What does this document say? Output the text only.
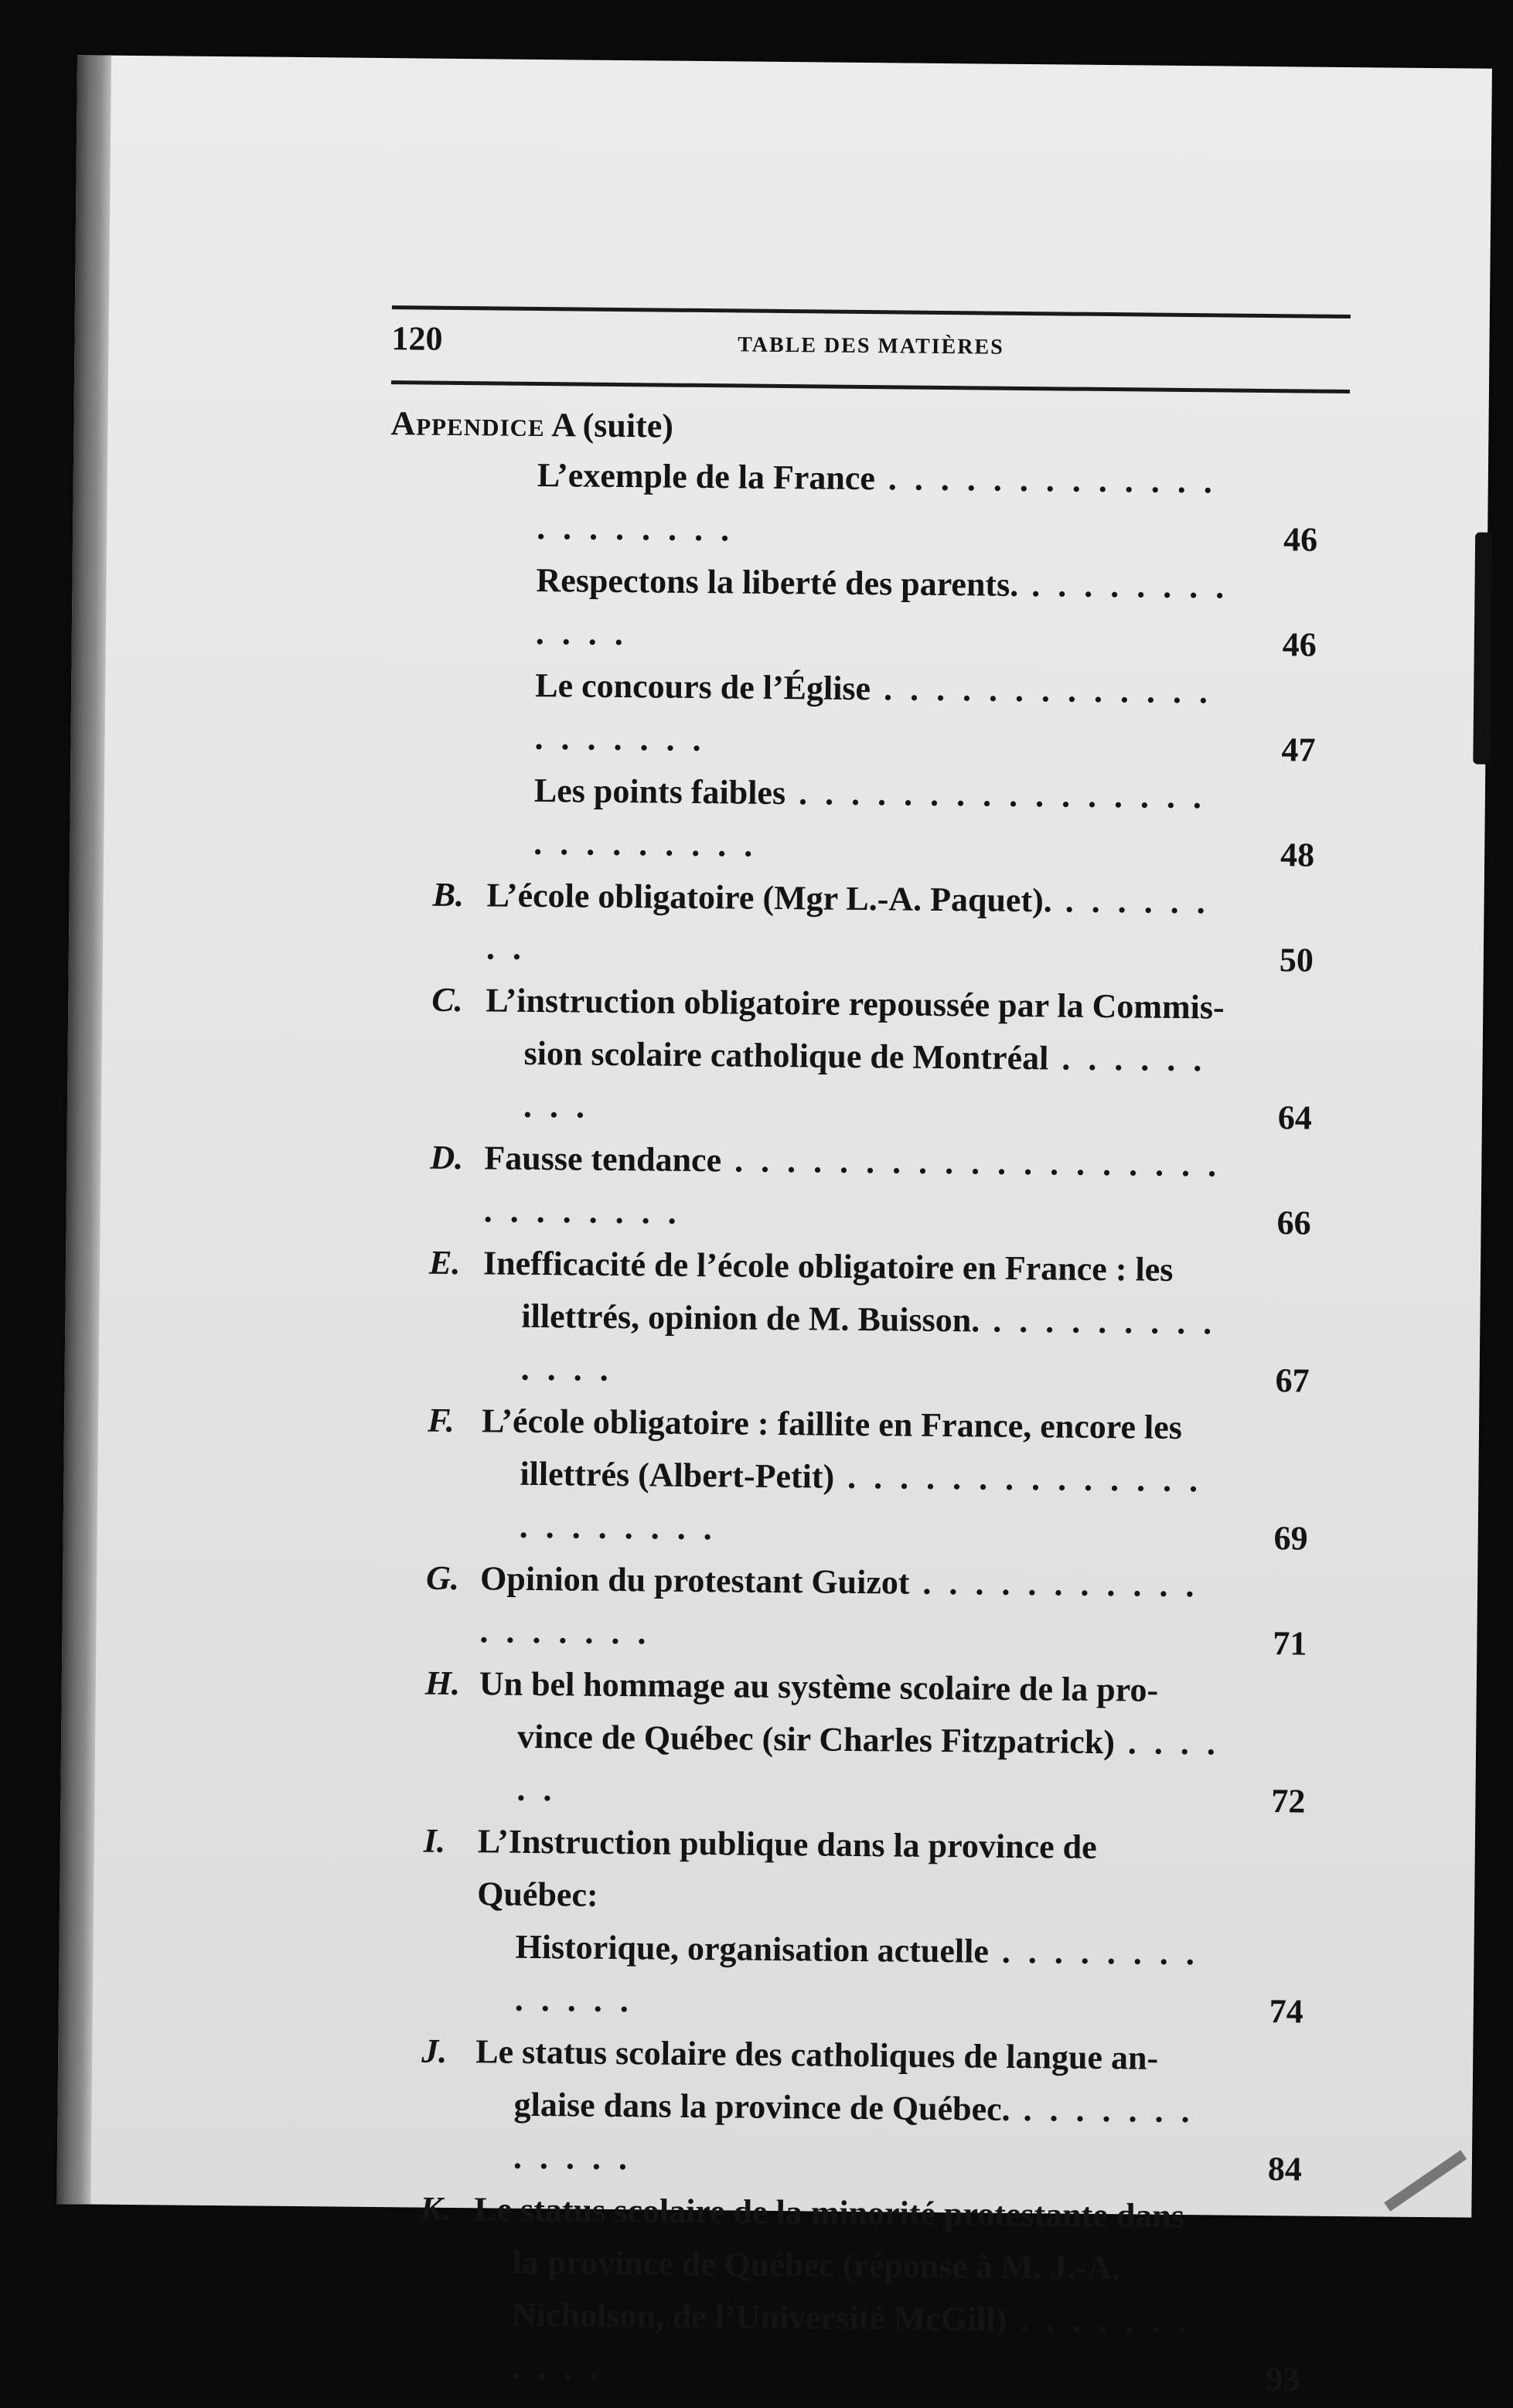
120	TABLE DES MATIÈRES
Appendice A (suite)
L’exemple de la France . . . . . . . . . . . . . . . . . . . . .	46
Respectons la liberté des parents. . . . . . . . . . . . .	46
Le concours de l’Église . . . . . . . . . . . . . . . . . . . .	47
Les points faibles . . . . . . . . . . . . . . . . . . . . . . . . .	48
B. L’école obligatoire (Mgr L.-A. Paquet). . . . . . . . .	50
C. L’instruction obligatoire repoussée par la Commis-
sion scolaire catholique de Montréal . . . . . . . . .	64
D. Fausse tendance . . . . . . . . . . . . . . . . . . . . . . . . . . .	66
E. Inefficacité de l’école obligatoire en France : les
illettrés, opinion de M. Buisson. . . . . . . . . . . . . .	67
F. L’école obligatoire : faillite en France, encore les
illettrés (Albert-Petit) . . . . . . . . . . . . . . . . . . . . . .	69
G. Opinion du protestant Guizot . . . . . . . . . . . . . . . . . .	71
H. Un bel hommage au système scolaire de la pro-
vince de Québec (sir Charles Fitzpatrick) . . . . . .	72
I. L’Instruction publique dans la province de Québec:
Historique, organisation actuelle . . . . . . . . . . . . .	74
J. Le status scolaire des catholiques de langue an-
glaise dans la province de Québec. . . . . . . . . . . . .	84
K. Le status scolaire de la minorité protestante dans
la province de Québec (réponse à M. J.-A.
Nicholson, de l’Université McGill) . . . . . . . . . . .	93
